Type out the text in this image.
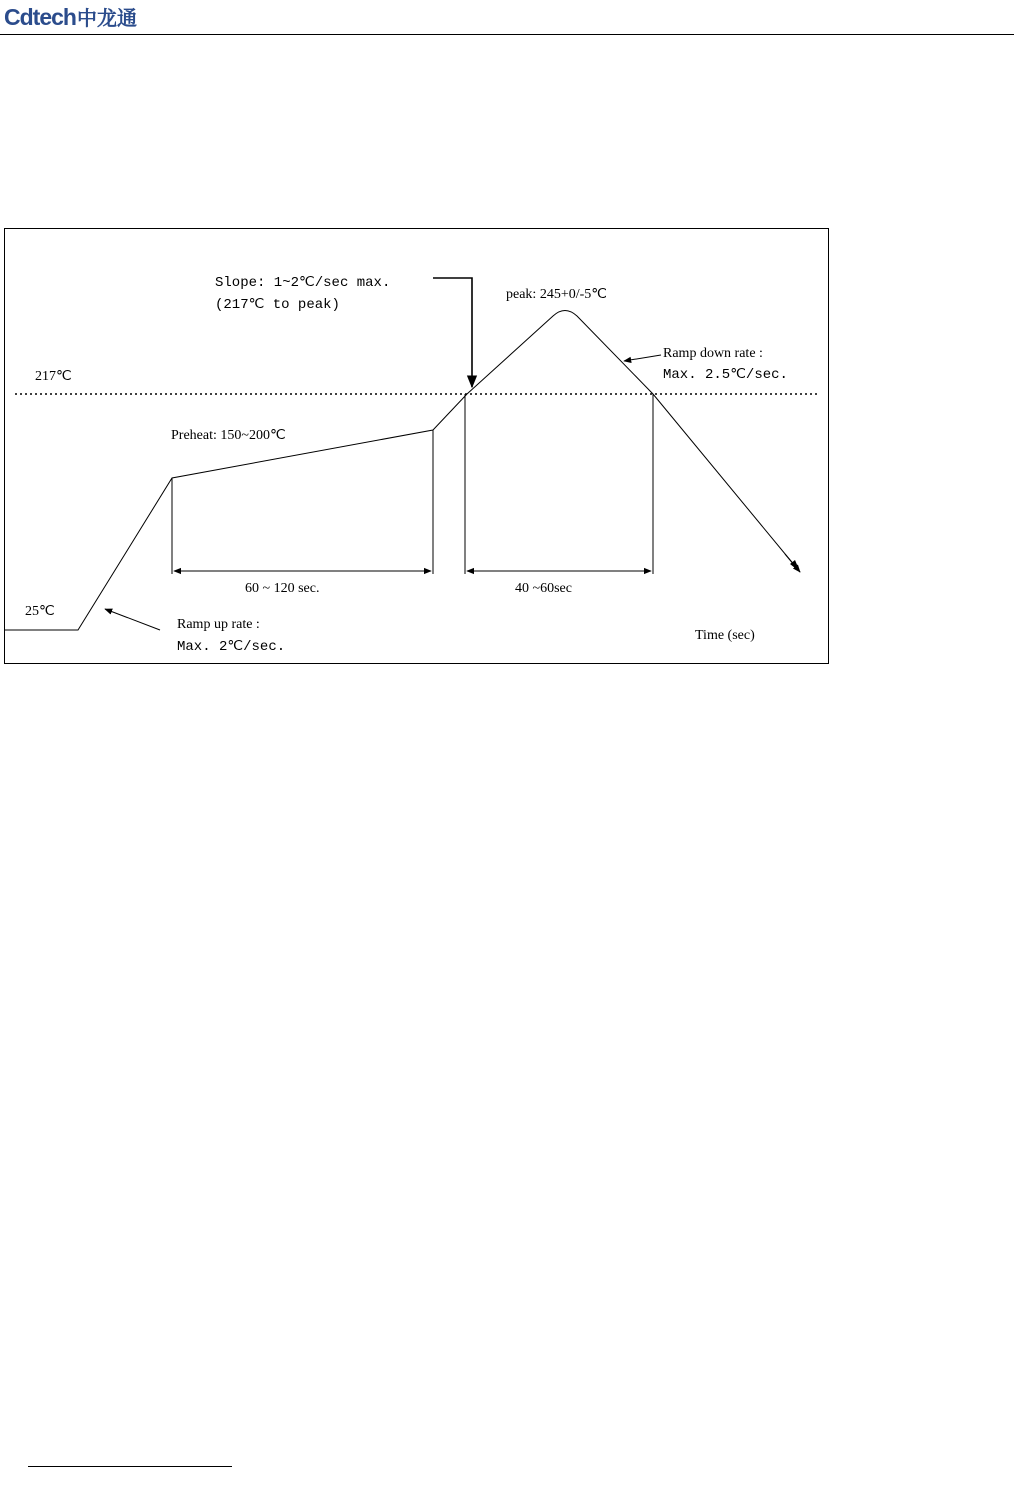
Cdtech中龙通
217℃
25℃
Slope: 1~2℃/sec max.
(217℃ to peak)
peak: 245+0/-5℃
Ramp down rate :
Max. 2.5℃/sec.
Preheat: 150~200℃
60 ~ 120 sec.	40 ~60sec
Ramp up rate :
Max. 2℃/sec.
Time (sec)
